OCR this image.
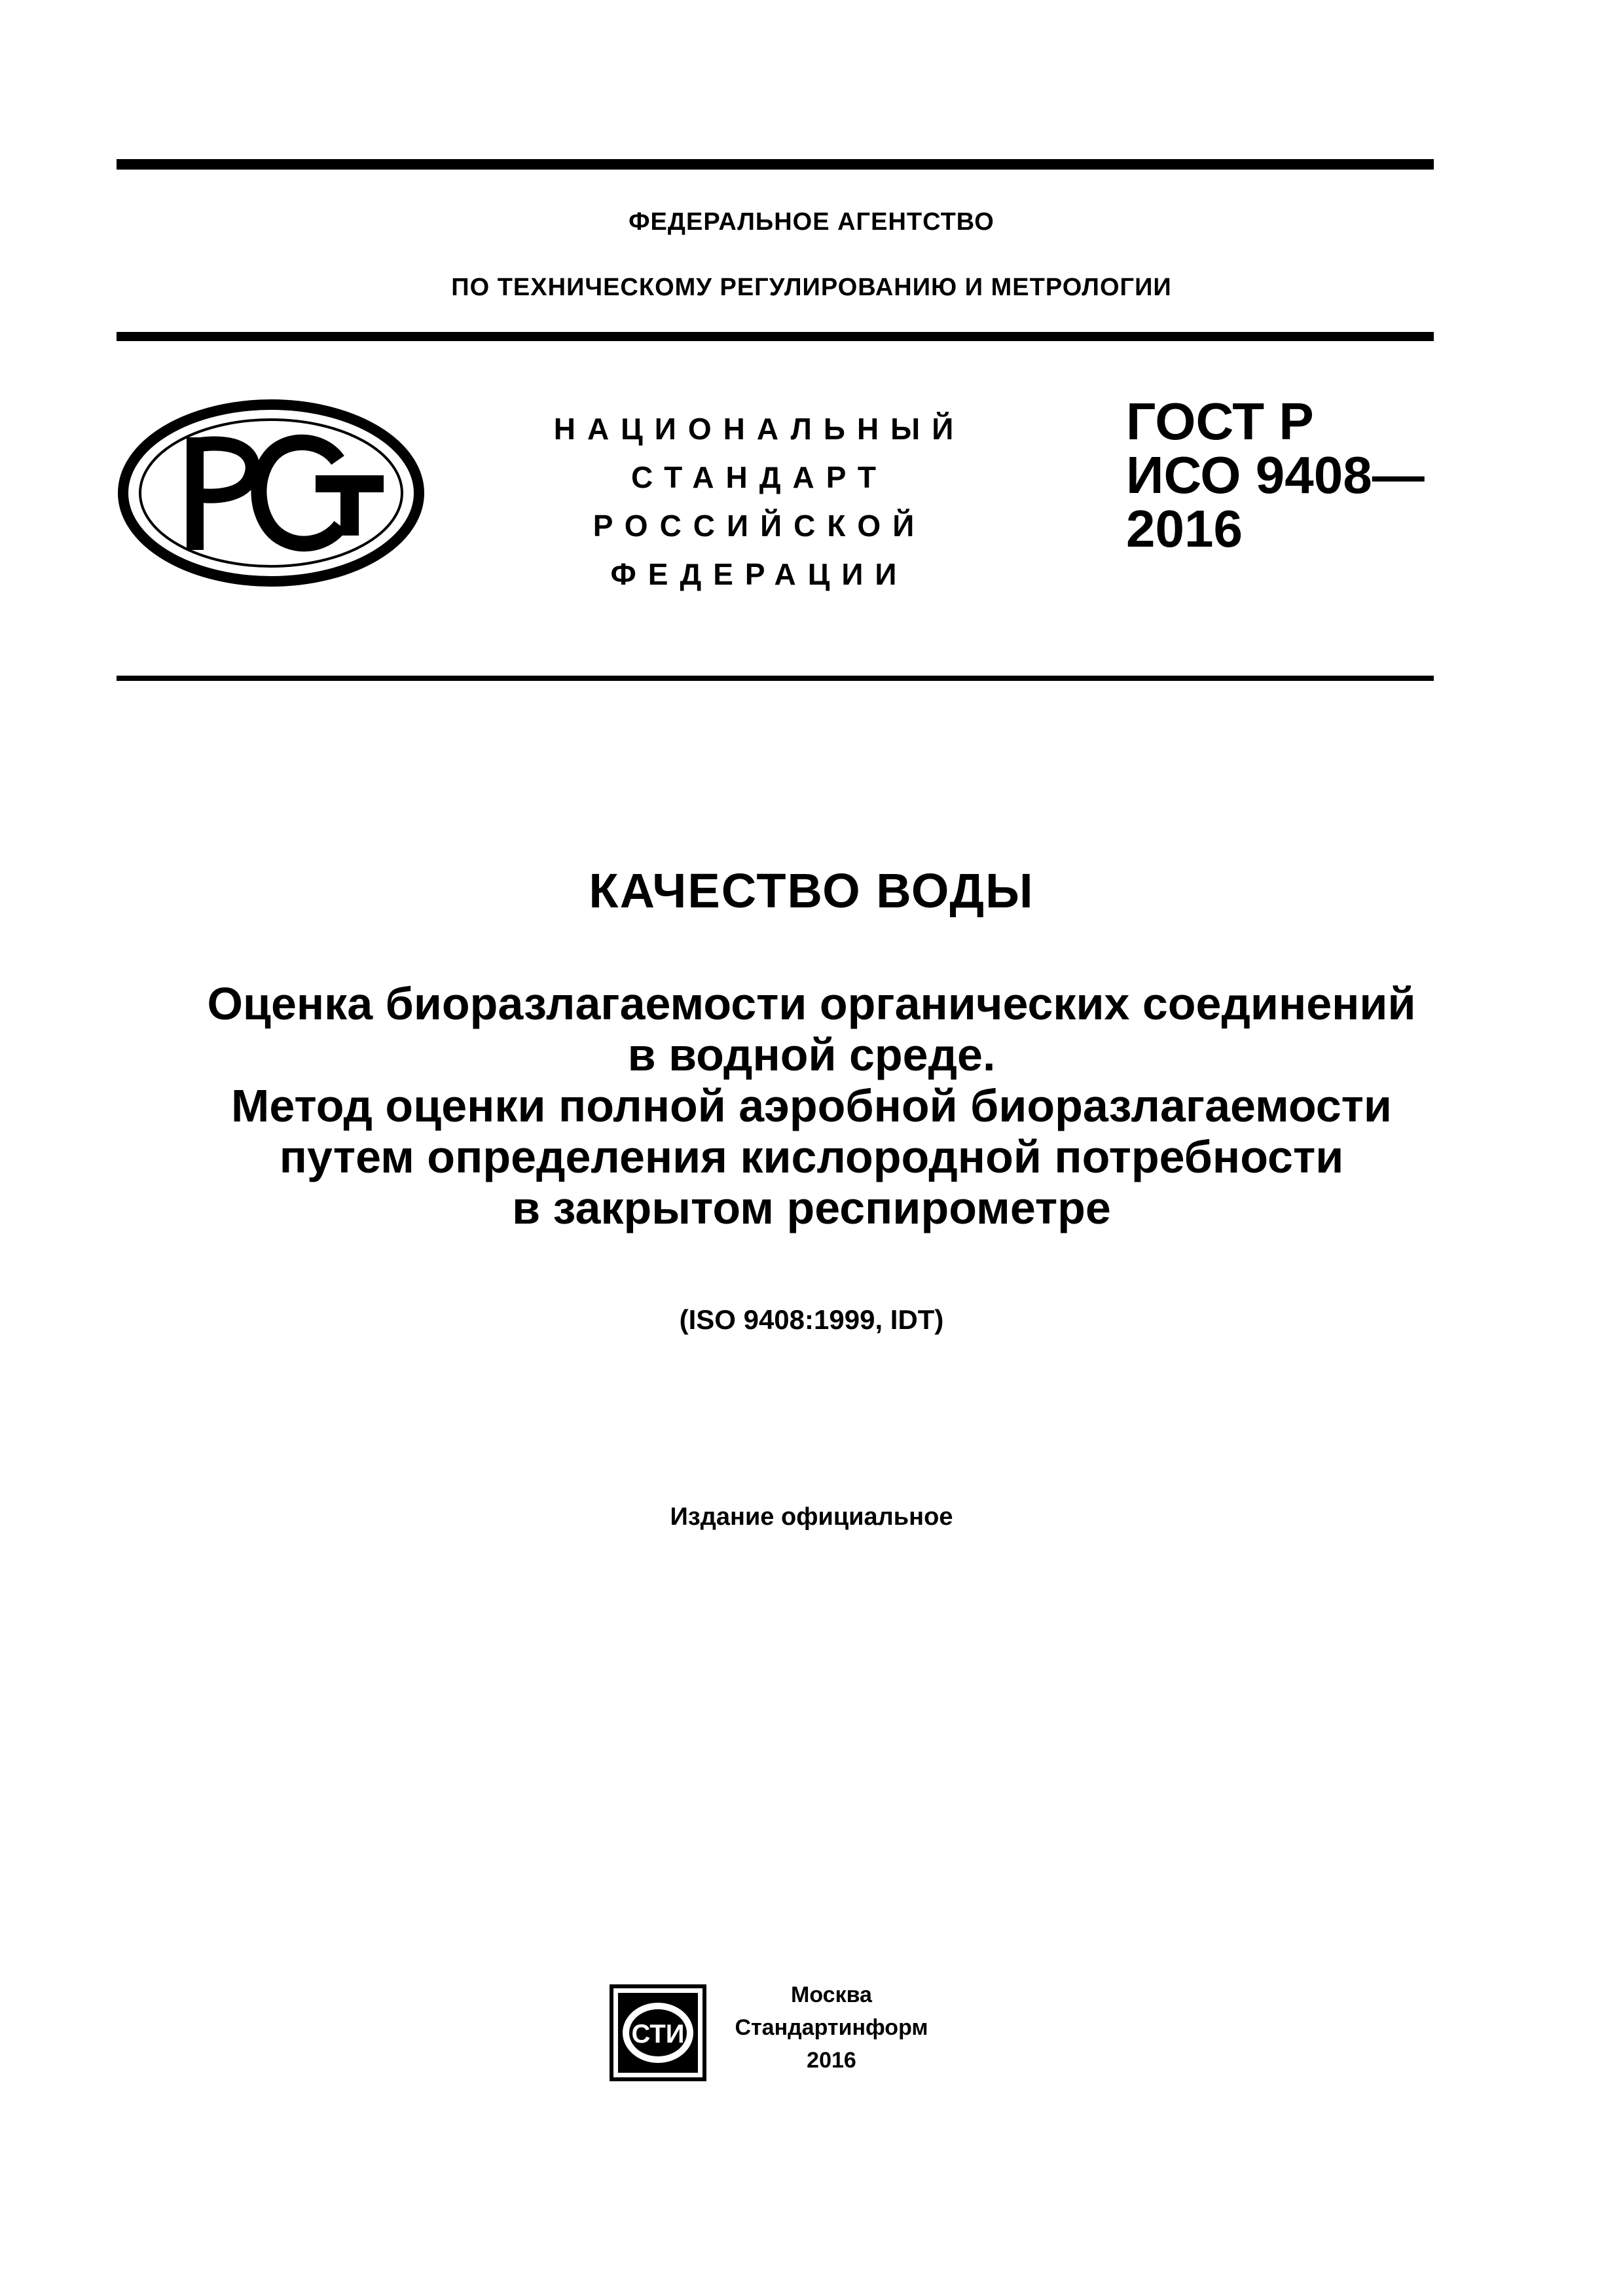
ФЕДЕРАЛЬНОЕ АГЕНТСТВО
ПО ТЕХНИЧЕСКОМУ РЕГУЛИРОВАНИЮ И МЕТРОЛОГИИ
НАЦИОНАЛЬНЫЙ
СТАНДАРТ
РОССИЙСКОЙ
ФЕДЕРАЦИИ
ГОСТ Р
ИСО 9408—
2016
КАЧЕСТВО ВОДЫ
Оценка биоразлагаемости органических соединений
в водной среде.
Метод оценки полной аэробной биоразлагаемости
путем определения кислородной потребности
в закрытом респирометре
(ISO 9408:1999, IDT)
Издание официальное
СТИ
Москва
Стандартинформ
2016
